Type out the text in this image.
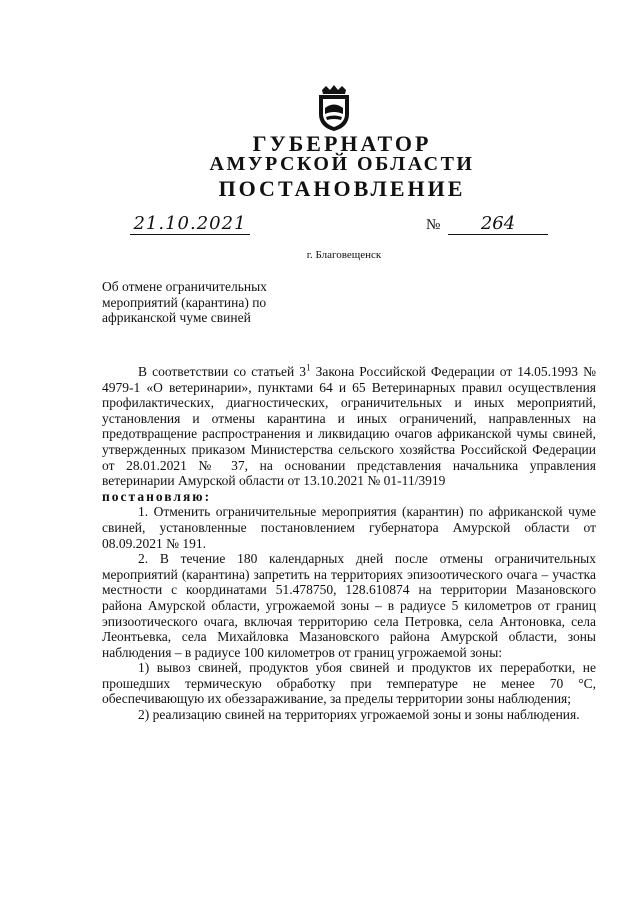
ГУБЕРНАТОР
АМУРСКОЙ ОБЛАСТИ
ПОСТАНОВЛЕНИЕ
21.10.2021	№	264
г. Благовещенск
Об отмене ограничительных мероприятий (карантина) по африканской чуме свиней

В соответствии со статьей $3^1$ Закона Российской Федерации от 14.05.1993 № 4979-1 «О ветеринарии», пунктами 64 и 65 Ветеринарных правил осуществления профилактических, диагностических, ограничительных и иных мероприятий, установления и отмены карантина и иных ограничений, направленных на предотвращение распространения и ликвидацию очагов африканской чумы свиней, утвержденных приказом Министерства сельского хозяйства Российской Федерации от 28.01.2021 № 37, на основании представления начальника управления ветеринарии Амурской области от 13.10.2021 № 01-11/3919

постановляю:

1. Отменить ограничительные мероприятия (карантин) по африканской чуме свиней, установленные постановлением губернатора Амурской области от 08.09.2021 № 191.

2. В течение 180 календарных дней после отмены ограничительных мероприятий (карантина) запретить на территориях эпизоотического очага – участка местности с координатами 51.478750, 128.610874 на территории Мазановского района Амурской области, угрожаемой зоны – в радиусе 5 километров от границ эпизоотического очага, включая территорию села Петровка, села Антоновка, села Леонтьевка, села Михайловка Мазановского района Амурской области, зоны наблюдения – в радиусе 100 километров от границ угрожаемой зоны:

1) вывоз свиней, продуктов убоя свиней и продуктов их переработки, не прошедших термическую обработку при температуре не менее 70 °С, обеспечивающую их обеззараживание, за пределы территории зоны наблюдения;

2) реализацию свиней на территориях угрожаемой зоны и зоны наблюдения.
